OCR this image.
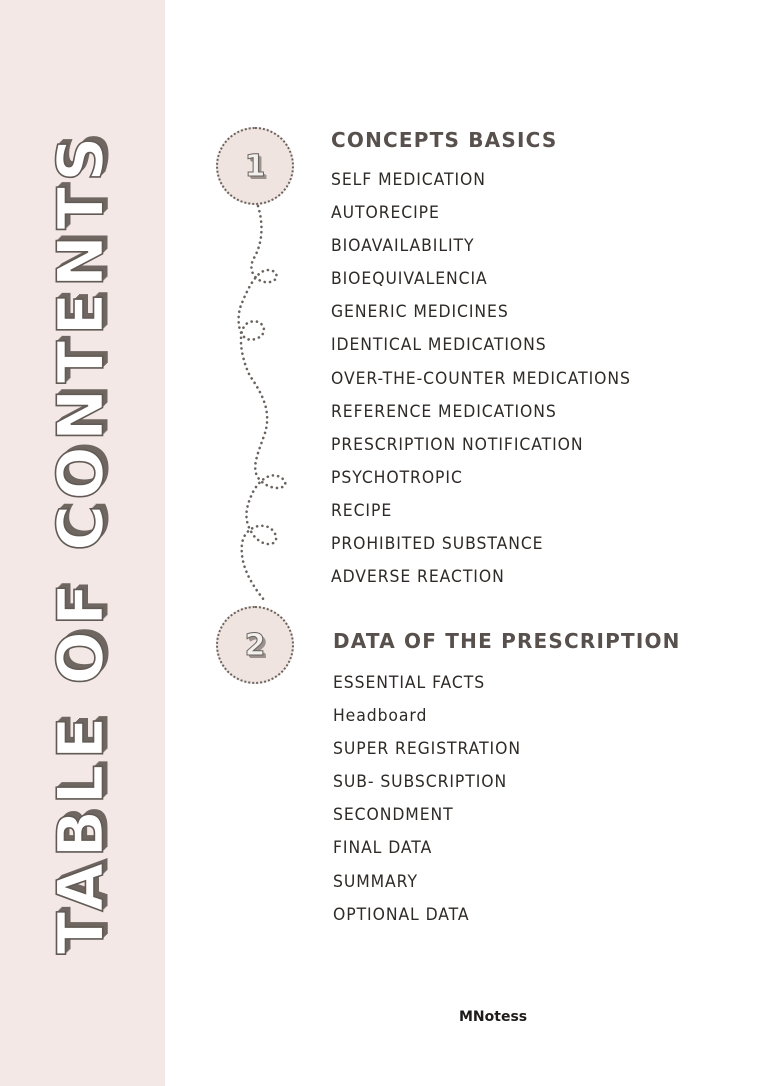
TABLE OF CONTENTS	1
2
CONCEPTS BASICS
SELF MEDICATION
AUTORECIPE
BIOAVAILABILITY
BIOEQUIVALENCIA
GENERIC MEDICINES
IDENTICAL MEDICATIONS
OVER-THE-COUNTER MEDICATIONS
REFERENCE MEDICATIONS
PRESCRIPTION NOTIFICATION
PSYCHOTROPIC
RECIPE
PROHIBITED SUBSTANCE
ADVERSE REACTION
DATA OF THE PRESCRIPTION
ESSENTIAL FACTS
Headboard
SUPER REGISTRATION
SUB- SUBSCRIPTION
SECONDMENT
FINAL DATA
SUMMARY
OPTIONAL DATA
MNotess
